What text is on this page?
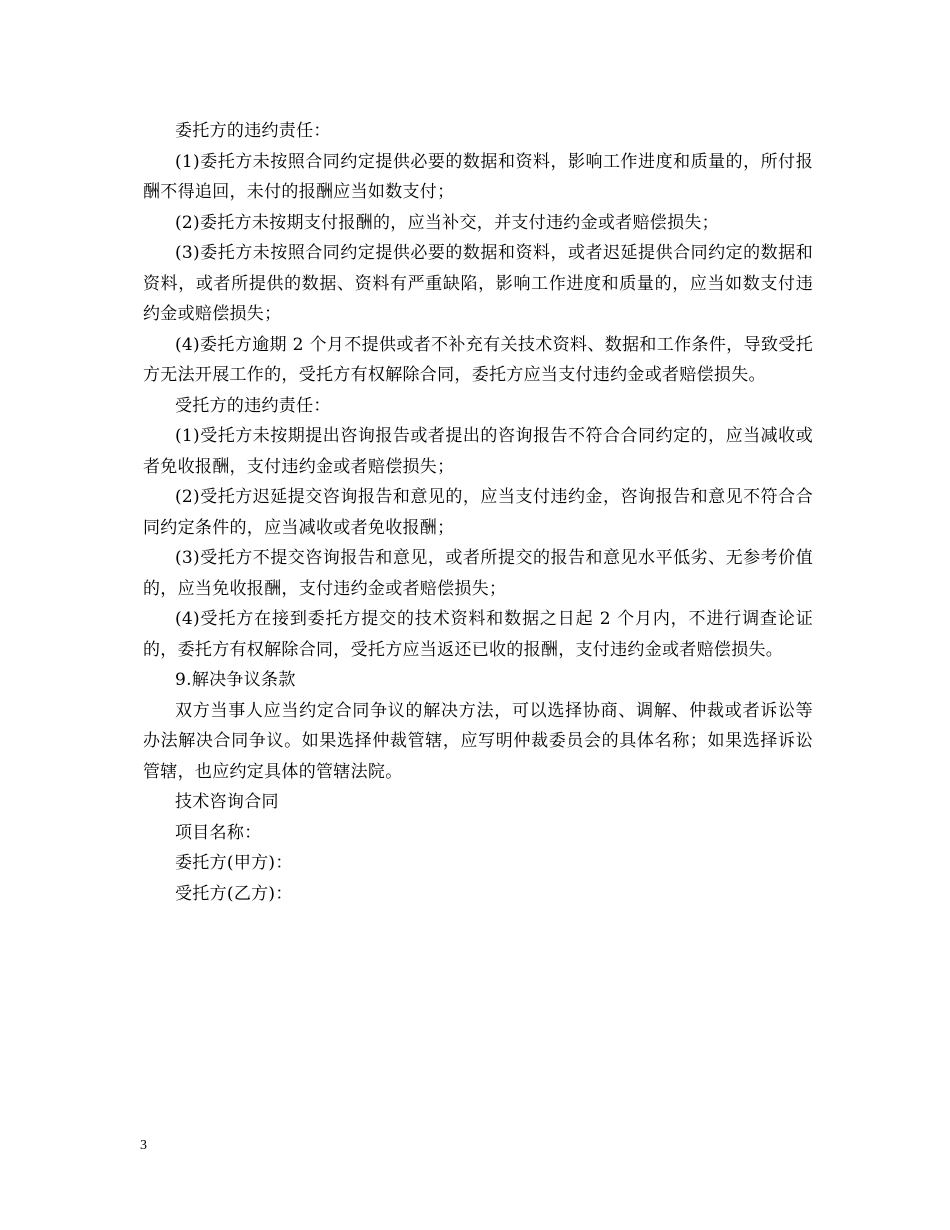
委托方的违约责任：

(1)委托方未按照合同约定提供必要的数据和资料，影响工作进度和质量的，所付报酬不得追回，未付的报酬应当如数支付；

(2)委托方未按期支付报酬的，应当补交，并支付违约金或者赔偿损失；

(3)委托方未按照合同约定提供必要的数据和资料，或者迟延提供合同约定的数据和资料，或者所提供的数据、资料有严重缺陷，影响工作进度和质量的，应当如数支付违约金或赔偿损失；

(4)委托方逾期 2 个月不提供或者不补充有关技术资料、数据和工作条件，导致受托方无法开展工作的，受托方有权解除合同，委托方应当支付违约金或者赔偿损失。

受托方的违约责任：

(1)受托方未按期提出咨询报告或者提出的咨询报告不符合合同约定的，应当减收或者免收报酬，支付违约金或者赔偿损失；

(2)受托方迟延提交咨询报告和意见的，应当支付违约金，咨询报告和意见不符合合同约定条件的，应当减收或者免收报酬；

(3)受托方不提交咨询报告和意见，或者所提交的报告和意见水平低劣、无参考价值的，应当免收报酬，支付违约金或者赔偿损失；

(4)受托方在接到委托方提交的技术资料和数据之日起 2 个月内，不进行调查论证的，委托方有权解除合同，受托方应当返还已收的报酬，支付违约金或者赔偿损失。

9.解决争议条款

双方当事人应当约定合同争议的解决方法，可以选择协商、调解、仲裁或者诉讼等办法解决合同争议。如果选择仲裁管辖，应写明仲裁委员会的具体名称；如果选择诉讼管辖，也应约定具体的管辖法院。

技术咨询合同

项目名称：

委托方(甲方)：

受托方(乙方)：

3
